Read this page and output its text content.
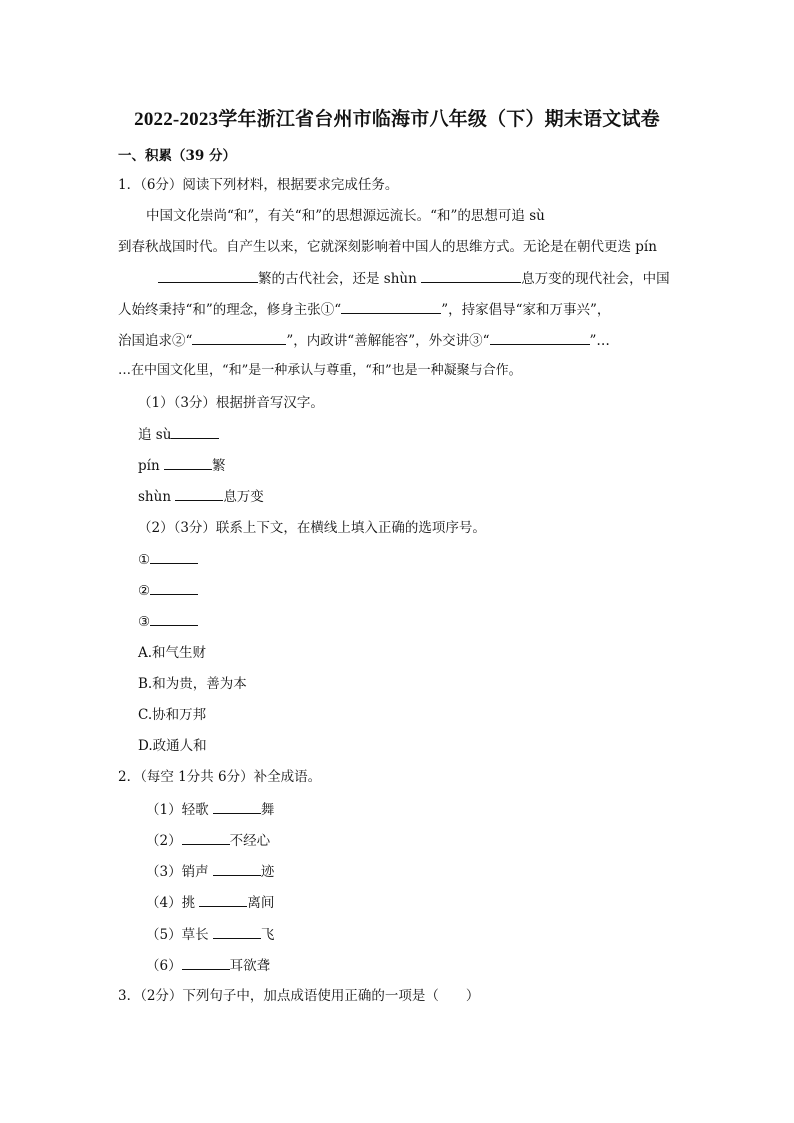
2022-2023学年浙江省台州市临海市八年级（下）期末语文试卷
一、积累（39 分）
1．（6分）阅读下列材料，根据要求完成任务。
中国文化崇尚“和”，有关“和”的思想源远流长。“和”的思想可追 sù
到春秋战国时代。自产生以来，它就深刻影响着中国人的思维方式。无论是在朝代更迭 pín
繁的古代社会，还是 shùn	息万变的现代社会，中国
人始终秉持“和”的理念，修身主张①“	”，持家倡导“家和万事兴”，
治国追求②“	”，内政讲“善解能容”，外交讲③“	”…
…在中国文化里，“和”是一种承认与尊重，“和”也是一种凝聚与合作。
（1）（3分）根据拼音写汉字。
追 sù
pín	繁
shùn	息万变
（2）（3分）联系上下文，在横线上填入正确的选项序号。
①
②
③
A.和气生财
B.和为贵，善为本
C.协和万邦
D.政通人和
2．（每空 1分共 6分）补全成语。
（1）轻歌	舞
（2）	不经心
（3）销声	迹
（4）挑	离间
（5）草长	飞
（6）	耳欲聋
3．（2分）下列句子中，加点成语使用正确的一项是（　　）
